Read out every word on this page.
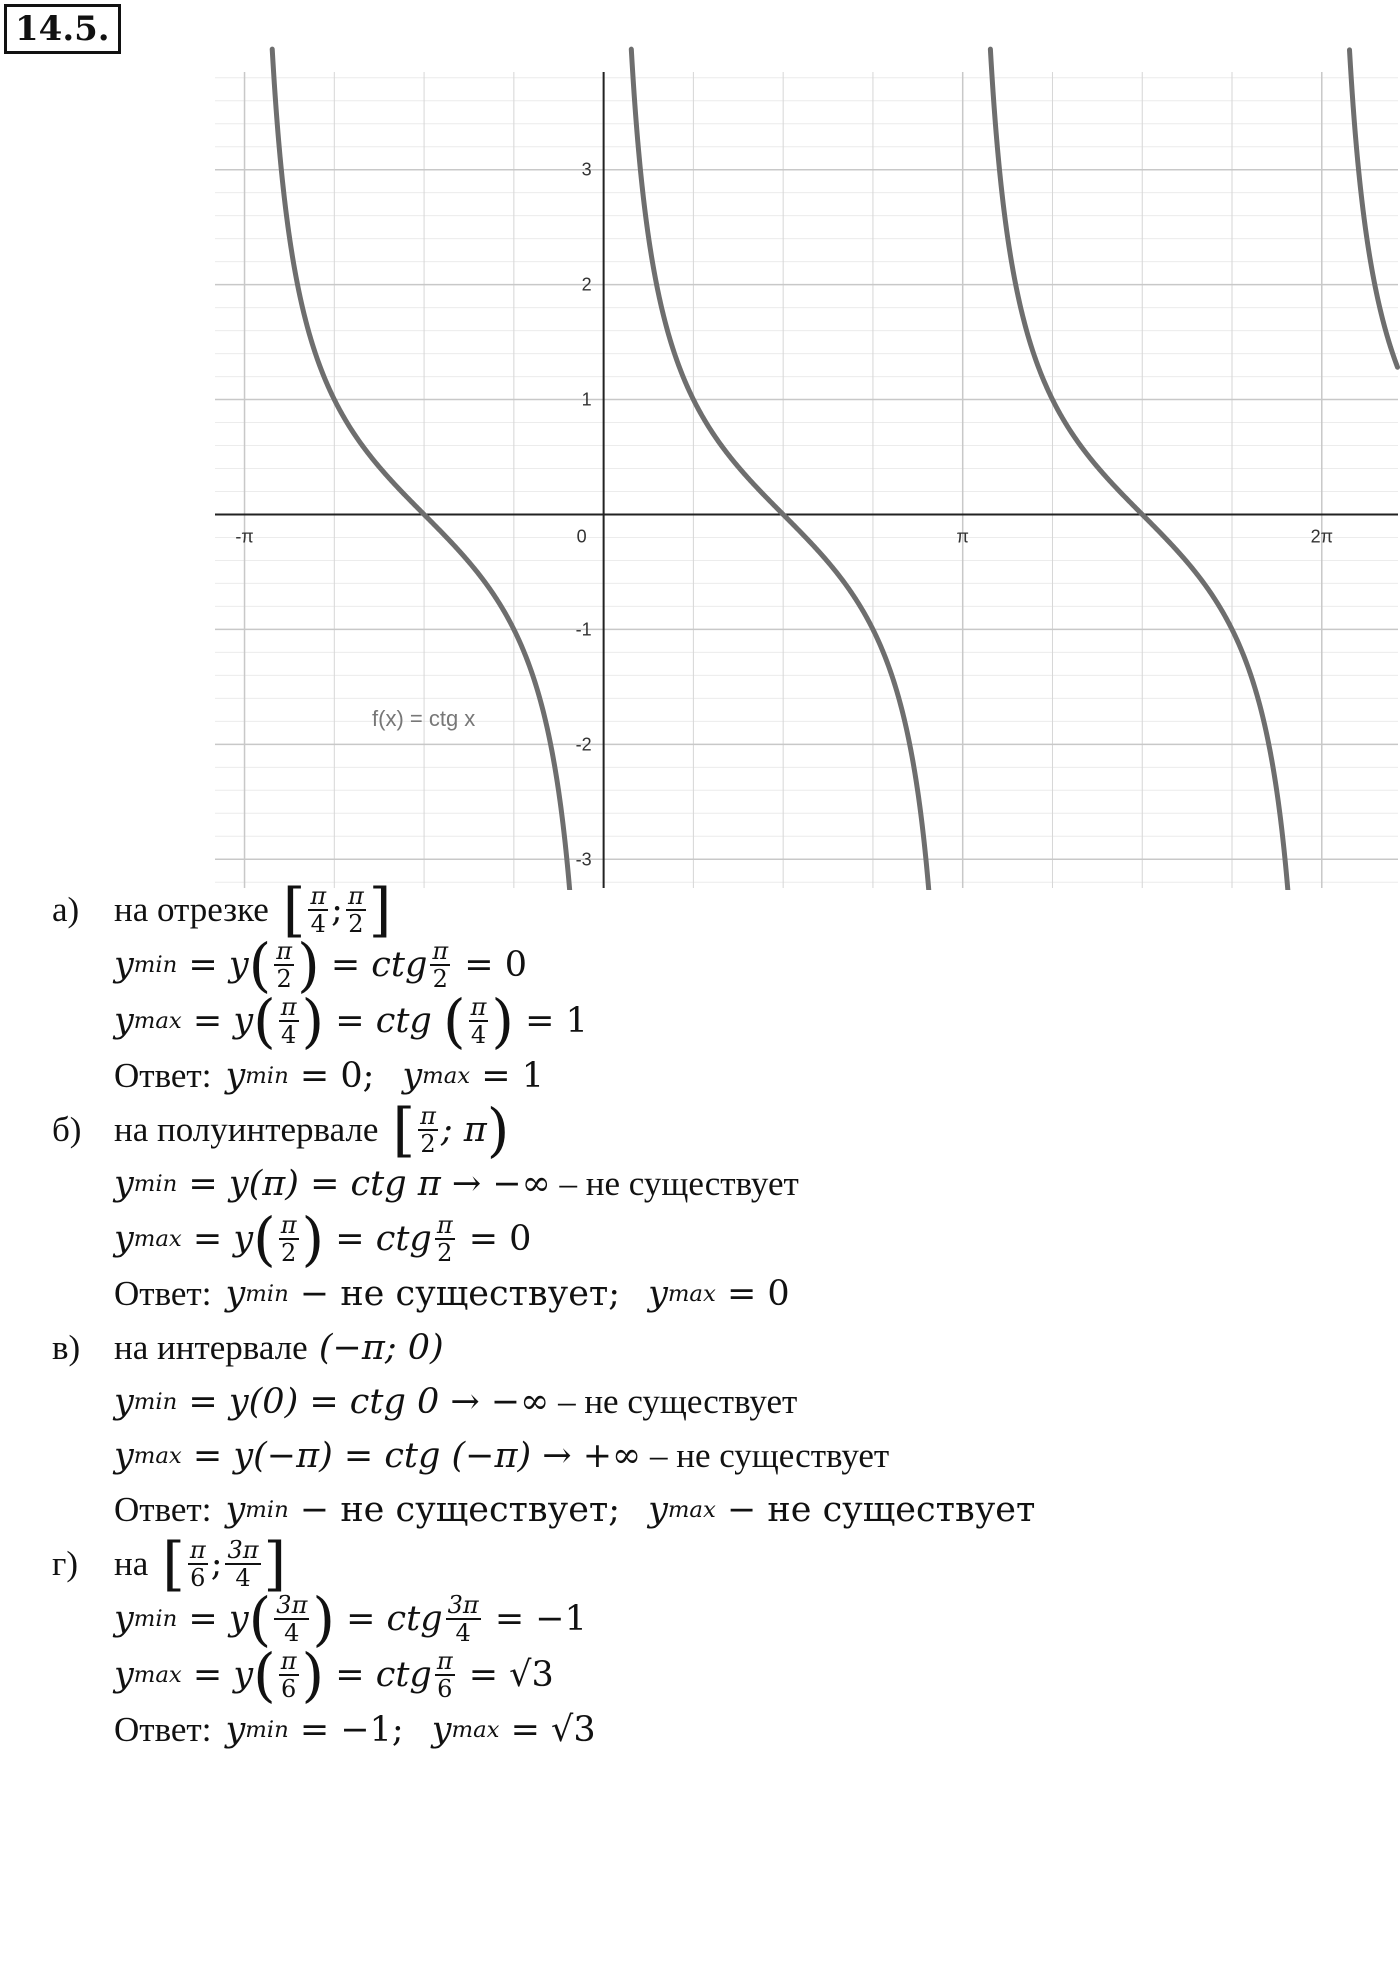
14.5.
-π	0	π	2π
3
2
1
-1
-2
-3
f(x) = ctg x
а) на отрезке [ π
4 ; π
2 ]
y min = y ( π
2 ) = ctg $\frac{\pi}{2} = 0$
y max = y ( π
4 ) = ctg ( π
4 ) = 1
Ответ: y min = 0; y max = 1
б) на полуинтервале [ π
2 ; π )
y min = y(π) = ctg π → −∞ – не существует
y max = y ( π
2 ) = ctg $\frac{\pi}{2} = 0$
Ответ: y min − не существует; y max = 0
в) на интервале (−π; 0)
y min = y(0) = ctg 0 → −∞ – не существует
y max = y(−π) = ctg (−π) → +∞ – не существует
Ответ: y min − не существует; y max − не существует
г)	на [ π
6 ; 3π
4 ]
y min = y ( 3π
4 ) = ctg $\frac{3\pi}{4} = -1$
y max = y ( π
6 ) = ctg $\frac{\pi}{6} = √3$
Ответ: y min = −1; y max = √3
